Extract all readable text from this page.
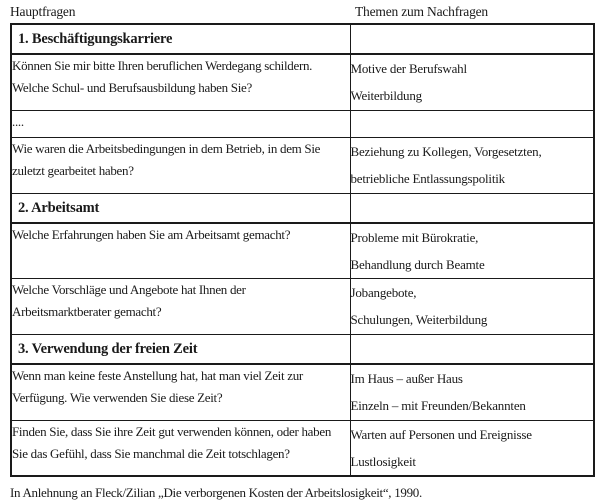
Hauptfragen	Themen zum Nachfragen
1. Beschäftigungskarriere	

Können Sie mir bitte Ihren beruflichen Werdegang schildern.
Welche Schul- und Berufsausbildung haben Sie?	Motive der Berufswahl
Weiterbildung

....	

Wie waren die Arbeitsbedingungen in dem Betrieb, in dem Sie
zuletzt gearbeitet haben?	Beziehung zu Kollegen, Vorgesetzten,
betriebliche Entlassungspolitik

2. Arbeitsamt	

Welche Erfahrungen haben Sie am Arbeitsamt gemacht?	Probleme mit Bürokratie,
Behandlung durch Beamte

Welche Vorschläge und Angebote hat Ihnen der
Arbeitsmarktberater gemacht?	Jobangebote,
Schulungen, Weiterbildung

3. Verwendung der freien Zeit	

Wenn man keine feste Anstellung hat, hat man viel Zeit zur
Verfügung. Wie verwenden Sie diese Zeit?	Im Haus – außer Haus
Einzeln – mit Freunden/Bekannten

Finden Sie, dass Sie ihre Zeit gut verwenden können, oder haben
Sie das Gefühl, dass Sie manchmal die Zeit totschlagen?	Warten auf Personen und Ereignisse
Lustlosigkeit
In Anlehnung an Fleck/Zilian „Die verborgenen Kosten der Arbeitslosigkeit“, 1990.
